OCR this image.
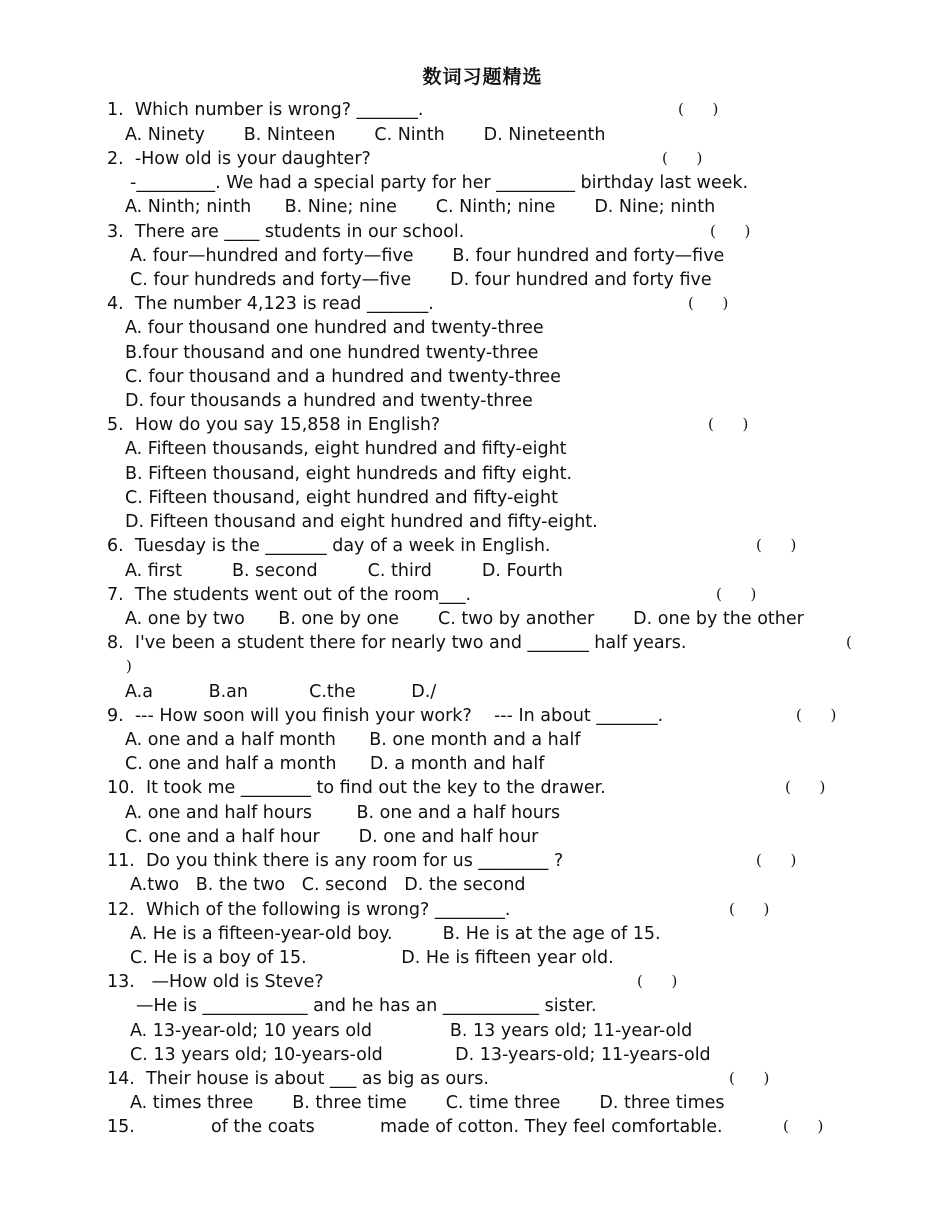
数词习题精选
1.  Which number is wrong? _______.	(      )
A. Ninety       B. Ninteen       C. Ninth       D. Nineteenth
2.  -How old is your daughter?	(      )
-_________. We had a special party for her _________ birthday last week.
A. Ninth; ninth      B. Nine; nine       C. Ninth; nine       D. Nine; ninth
3.  There are ____ students in our school.	(      )
A. four—hundred and forty—five       B. four hundred and forty—five
C. four hundreds and forty—five       D. four hundred and forty five
4.  The number 4,123 is read _______.	(      )
A. four thousand one hundred and twenty-three
B.four thousand and one hundred twenty-three
C. four thousand and a hundred and twenty-three
D. four thousands a hundred and twenty-three
5.  How do you say 15,858 in English?	(      )
A. Fifteen thousands, eight hundred and fifty-eight
B. Fifteen thousand, eight hundreds and fifty eight.
C. Fifteen thousand, eight hundred and fifty-eight
D. Fifteen thousand and eight hundred and fifty-eight.
6.  Tuesday is the _______ day of a week in English.	(      )
A. first         B. second         C. third         D. Fourth
7.  The students went out of the room___.	(      )
A. one by two      B. one by one       C. two by another       D. one by the other
8.  I've been a student there for nearly two and _______ half years.	(
)
A.a          B.an           C.the          D./
9.  --- How soon will you finish your work?    --- In about _______.	(      )
A. one and a half month      B. one month and a half
C. one and half a month      D. a month and half
10.  It took me ________ to find out the key to the drawer.	(      )
A. one and half hours        B. one and a half hours
C. one and a half hour       D. one and half hour
11.  Do you think there is any room for us ________ ?	(      )
A.two   B. the two   C. second   D. the second
12.  Which of the following is wrong? ________.	(      )
A. He is a fifteen-year-old boy.         B. He is at the age of 15.
C. He is a boy of 15.                 D. He is fifteen year old.
13.   —How old is Steve?	(      )
—He is ____________ and he has an ___________ sister.
A. 13-year-old; 10 years old              B. 13 years old; 11-year-old
C. 13 years old; 10-years-old             D. 13-years-old; 11-years-old
14.  Their house is about ___ as big as ours.	(      )
A. times three       B. three time       C. time three       D. three times
15.	of the coats	made of cotton. They feel comfortable.	(      )
